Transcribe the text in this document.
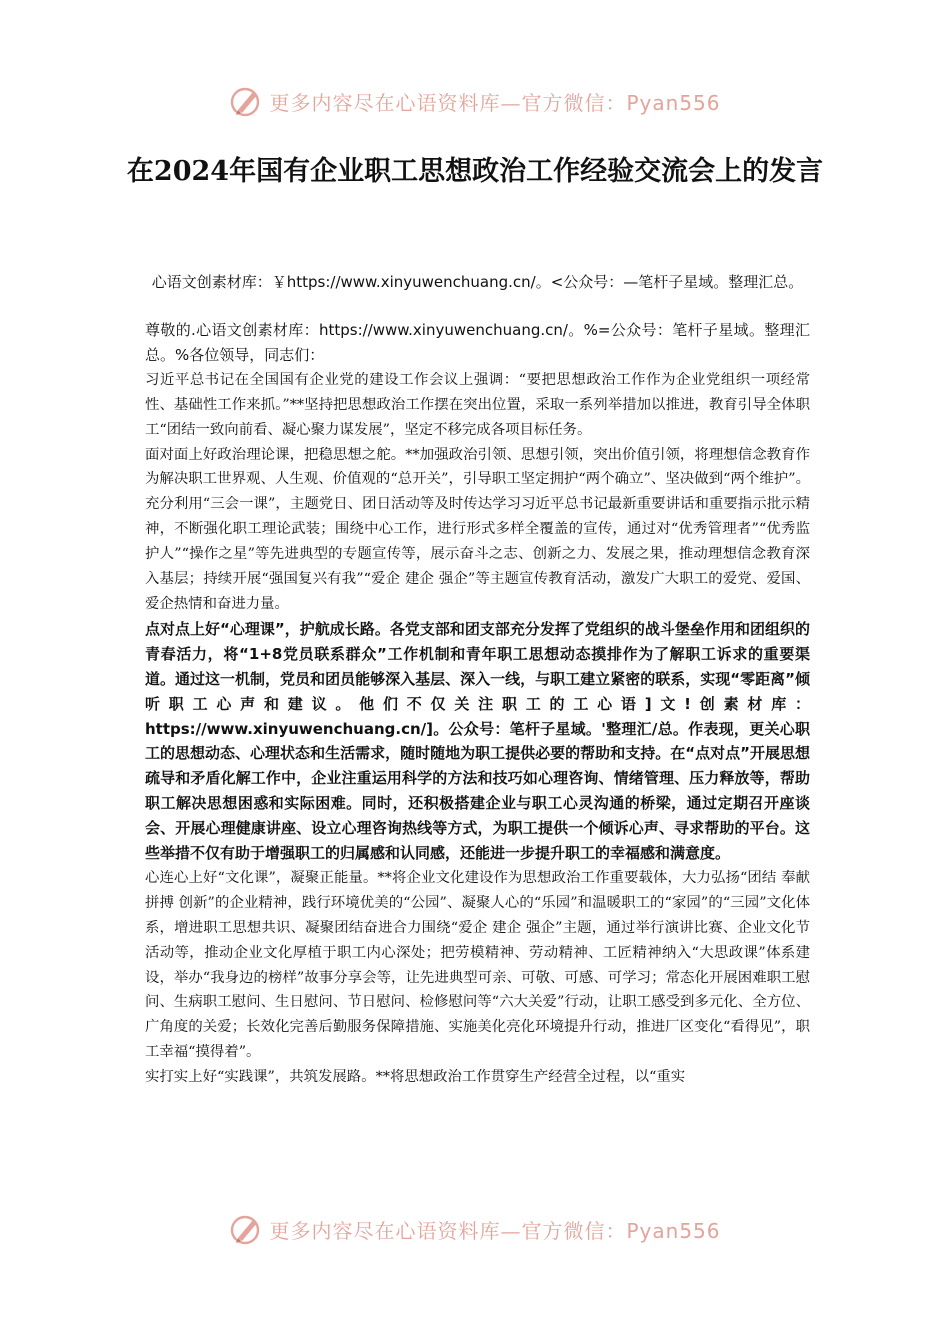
更多内容尽在心语资料库—官方微信：Pyan556
在2024年国有企业职工思想政治工作经验交流会上的发言
心语文创素材库：￥https://www.xinyuwenchuang.cn/。<公众号：—笔杆子星域。整理汇总。

尊敬的.心语文创素材库：https://www.xinyuwenchuang.cn/。%=公众号：笔杆子星域。整理汇总。%各位领导，同志们：

习近平总书记在全国国有企业党的建设工作会议上强调：“要把思想政治工作作为企业党组织一项经常性、基础性工作来抓。”**坚持把思想政治工作摆在突出位置，采取一系列举措加以推进，教育引导全体职工“团结一致向前看、凝心聚力谋发展”，坚定不移完成各项目标任务。

面对面上好政治理论课，把稳思想之舵。**加强政治引领、思想引领，突出价值引领，将理想信念教育作为解决职工世界观、人生观、价值观的“总开关”，引导职工坚定拥护“两个确立”、坚决做到“两个维护”。充分利用“三会一课”，主题党日、团日活动等及时传达学习习近平总书记最新重要讲话和重要指示批示精神，不断强化职工理论武装；围绕中心工作，进行形式多样全覆盖的宣传，通过对“优秀管理者”“优秀监护人”“操作之星”等先进典型的专题宣传等，展示奋斗之志、创新之力、发展之果，推动理想信念教育深入基层；持续开展“强国复兴有我”“爱企 建企 强企”等主题宣传教育活动，激发广大职工的爱党、爱国、爱企热情和奋进力量。

点对点上好“心理课”，护航成长路。各党支部和团支部充分发挥了党组织的战斗堡垒作用和团组织的青春活力，将“1+8党员联系群众”工作机制和青年职工思想动态摸排作为了解职工诉求的重要渠道。通过这一机制，党员和团员能够深入基层、深入一线，与职工建立紧密的联系，实现“零距离”倾听职工心声和建议。他们不仅关注职工的工心语]文!创素材库：https://www.xinyuwenchuang.cn/]。公众号：笔杆子星域。'整理汇/总。作表现，更关心职工的思想动态、心理状态和生活需求，随时随地为职工提供必要的帮助和支持。在“点对点”开展思想疏导和矛盾化解工作中，企业注重运用科学的方法和技巧如心理咨询、情绪管理、压力释放等，帮助职工解决思想困惑和实际困难。同时，还积极搭建企业与职工心灵沟通的桥梁，通过定期召开座谈会、开展心理健康讲座、设立心理咨询热线等方式，为职工提供一个倾诉心声、寻求帮助的平台。这些举措不仅有助于增强职工的归属感和认同感，还能进一步提升职工的幸福感和满意度。

心连心上好“文化课”，凝聚正能量。**将企业文化建设作为思想政治工作重要载体，大力弘扬“团结 奉献 拼搏 创新”的企业精神，践行环境优美的“公园”、凝聚人心的“乐园”和温暖职工的“家园”的“三园”文化体系，增进职工思想共识、凝聚团结奋进合力围绕“爱企 建企 强企”主题，通过举行演讲比赛、企业文化节活动等，推动企业文化厚植于职工内心深处；把劳模精神、劳动精神、工匠精神纳入“大思政课”体系建设，举办“我身边的榜样”故事分享会等，让先进典型可亲、可敬、可感、可学习；常态化开展困难职工慰问、生病职工慰问、生日慰问、节日慰问、检修慰问等“六大关爱”行动，让职工感受到多元化、全方位、广角度的关爱；长效化完善后勤服务保障措施、实施美化亮化环境提升行动，推进厂区变化“看得见”，职工幸福“摸得着”。

实打实上好“实践课”，共筑发展路。**将思想政治工作贯穿生产经营全过程，以“重实

更多内容尽在心语资料库—官方微信：Pyan556
